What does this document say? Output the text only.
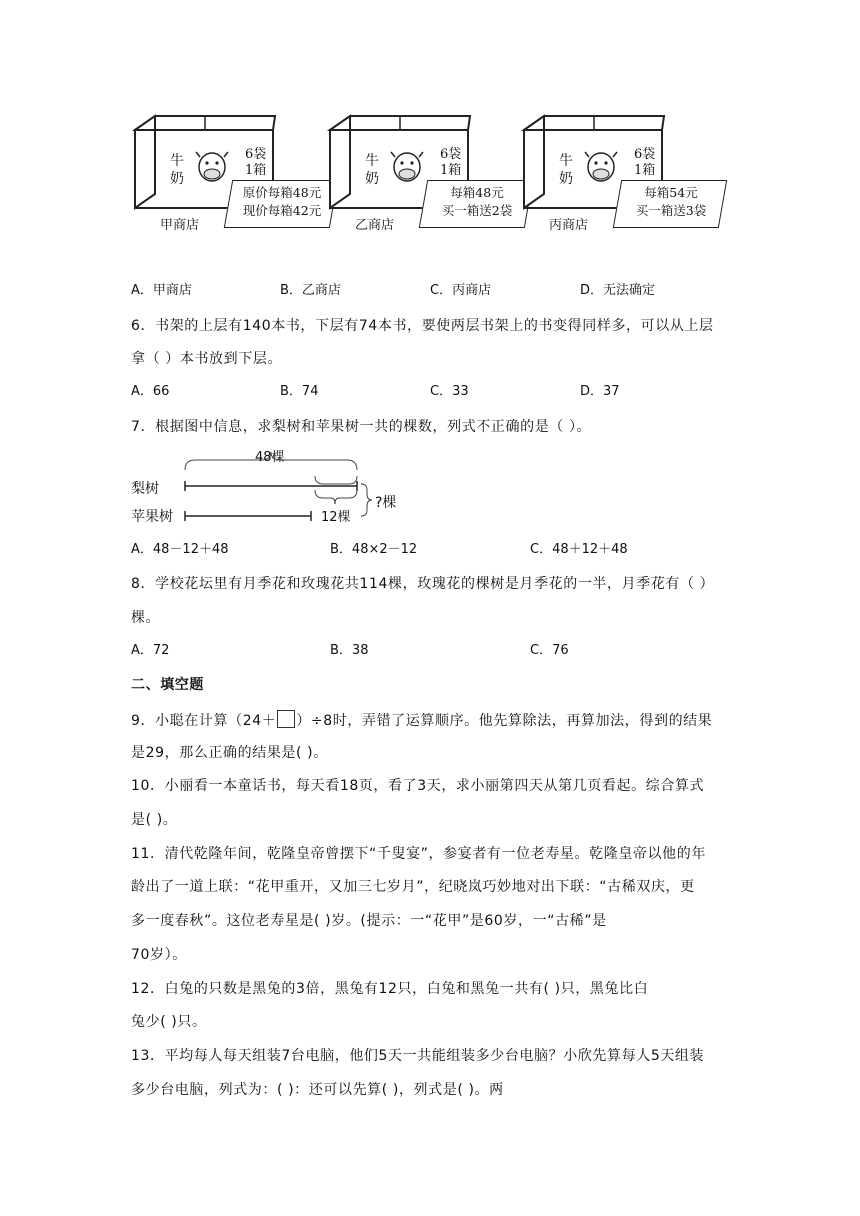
牛
奶
6袋
1箱
原价每箱48元
现价每箱42元
甲商店
牛
奶
6袋
1箱
每箱48元
买一箱送2袋
乙商店
牛
奶
6袋
1箱
每箱54元
买一箱送3袋
丙商店
A．甲商店	B．乙商店	C．丙商店	D．无法确定
6．书架的上层有140本书，下层有74本书，要使两层书架上的书变得同样多，可以从上层
拿（ ）本书放到下层。
A．66	B．74	C．33	D．37
7．根据图中信息，求梨树和苹果树一共的棵数，列式不正确的是（ ）。
梨树
苹果树
48棵
12棵
?棵
A．48－12＋48	B．48×2－12	C．48＋12＋48
8．学校花坛里有月季花和玫瑰花共114棵，玫瑰花的棵树是月季花的一半，月季花有（ ）
棵。
A．72	B．38	C．76
二、填空题
9．小聪在计算（24＋ ）÷8时，弄错了运算顺序。他先算除法，再算加法，得到的结果
是29，那么正确的结果是( )。
10．小丽看一本童话书，每天看18页，看了3天，求小丽第四天从第几页看起。综合算式
是( )。
11．清代乾隆年间，乾隆皇帝曾摆下“千叟宴”，参宴者有一位老寿星。乾隆皇帝以他的年
龄出了一道上联：“花甲重开，又加三七岁月”，纪晓岚巧妙地对出下联：“古稀双庆，更
多一度春秋”。这位老寿星是( )岁。(提示：一“花甲”是60岁，一“古稀”是
70岁）。
12．白兔的只数是黑兔的3倍，黑兔有12只，白兔和黑兔一共有( )只，黑兔比白
兔少( )只。
13．平均每人每天组装7台电脑，他们5天一共能组装多少台电脑？小欣先算每人5天组装
多少台电脑，列式为：( )：还可以先算( )，列式是( )。两
